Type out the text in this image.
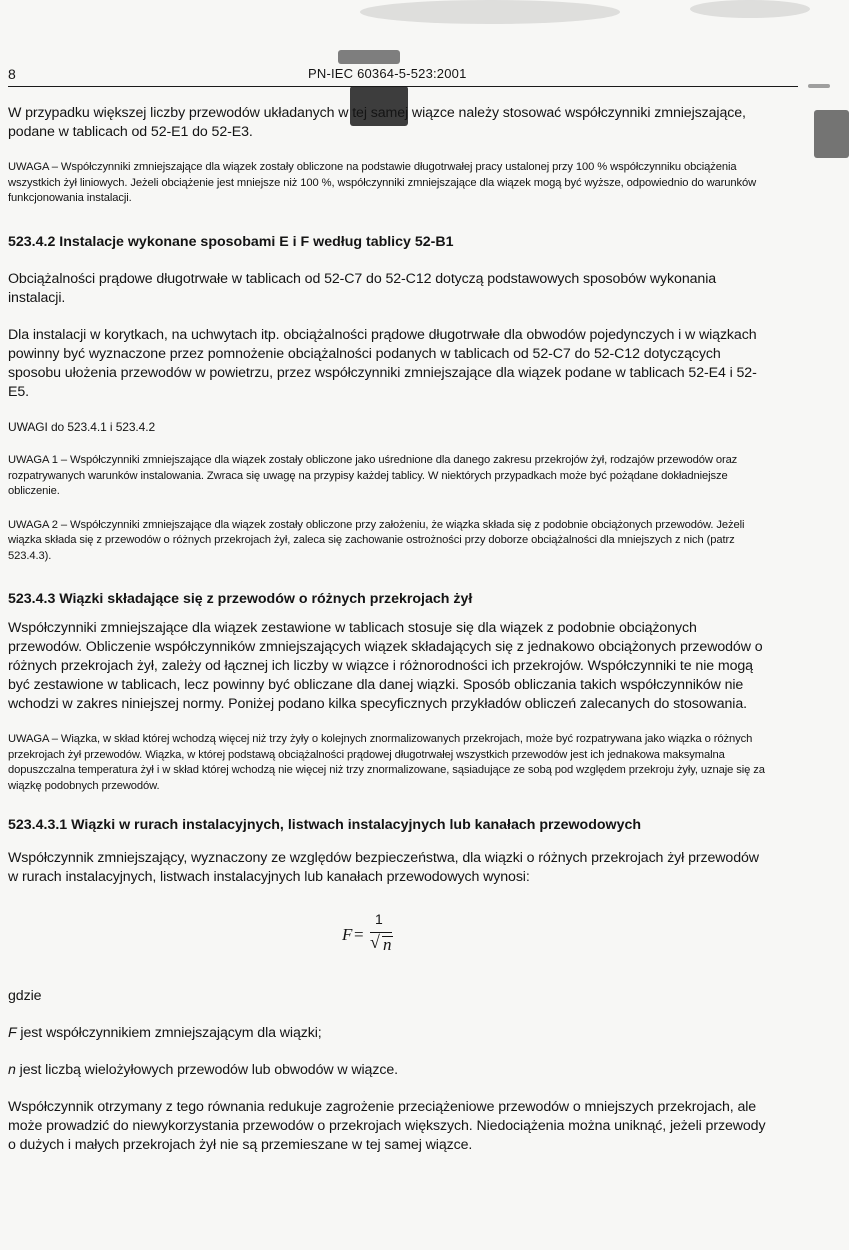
8	PN-IEC 60364-5-523:2001

W przypadku większej liczby przewodów układanych w tej samej wiązce należy stosować współczynniki zmniejszające, podane w tablicach od 52-E1 do 52-E3.

UWAGA – Współczynniki zmniejszające dla wiązek zostały obliczone na podstawie długotrwałej pracy ustalonej przy 100 % współczynniku obciążenia wszystkich żył liniowych. Jeżeli obciążenie jest mniejsze niż 100 %, współczynniki zmniejszające dla wiązek mogą być wyższe, odpowiednio do warunków funkcjonowania instalacji.

523.4.2 Instalacje wykonane sposobami E i F według tablicy 52-B1

Obciążalności prądowe długotrwałe w tablicach od 52-C7 do 52-C12 dotyczą podstawowych sposobów wykonania instalacji.

Dla instalacji w korytkach, na uchwytach itp. obciążalności prądowe długotrwałe dla obwodów pojedynczych i w wiązkach powinny być wyznaczone przez pomnożenie obciążalności podanych w tablicach od 52-C7 do 52-C12 dotyczących sposobu ułożenia przewodów w powietrzu, przez współczynniki zmniejszające dla wiązek podane w tablicach 52-E4 i 52-E5.

UWAGI do 523.4.1 i 523.4.2

UWAGA 1 – Współczynniki zmniejszające dla wiązek zostały obliczone jako uśrednione dla danego zakresu przekrojów żył, rodzajów przewodów oraz rozpatrywanych warunków instalowania. Zwraca się uwagę na przypisy każdej tablicy. W niektórych przypadkach może być pożądane dokładniejsze obliczenie.

UWAGA 2 – Współczynniki zmniejszające dla wiązek zostały obliczone przy założeniu, że wiązka składa się z podobnie obciążonych przewodów. Jeżeli wiązka składa się z przewodów o różnych przekrojach żył, zaleca się zachowanie ostrożności przy doborze obciążalności dla mniejszych z nich (patrz 523.4.3).

523.4.3 Wiązki składające się z przewodów o różnych przekrojach żył

Współczynniki zmniejszające dla wiązek zestawione w tablicach stosuje się dla wiązek z podobnie obciążonych przewodów. Obliczenie współczynników zmniejszających wiązek składających się z jednakowo obciążonych przewodów o różnych przekrojach żył, zależy od łącznej ich liczby w wiązce i różnorodności ich przekrojów. Współczynniki te nie mogą być zestawione w tablicach, lecz powinny być obliczane dla danej wiązki. Sposób obliczania takich współczynników nie wchodzi w zakres niniejszej normy. Poniżej podano kilka specyficznych przykładów obliczeń zalecanych do stosowania.

UWAGA – Wiązka, w skład której wchodzą więcej niż trzy żyły o kolejnych znormalizowanych przekrojach, może być rozpatrywana jako wiązka o różnych przekrojach żył przewodów. Wiązka, w której podstawą obciążalności prądowej długotrwałej wszystkich przewodów jest ich jednakowa maksymalna dopuszczalna temperatura żył i w skład której wchodzą nie więcej niż trzy znormalizowane, sąsiadujące ze sobą pod względem przekroju żyły, uznaje się za wiązkę podobnych przewodów.

523.4.3.1 Wiązki w rurach instalacyjnych, listwach instalacyjnych lub kanałach przewodowych

Współczynnik zmniejszający, wyznaczony ze względów bezpieczeństwa, dla wiązki o różnych przekrojach żył przewodów w rurach instalacyjnych, listwach instalacyjnych lub kanałach przewodowych wynosi:

F =
1
√ n

gdzie

F jest współczynnikiem zmniejszającym dla wiązki;

n jest liczbą wielożyłowych przewodów lub obwodów w wiązce.

Współczynnik otrzymany z tego równania redukuje zagrożenie przeciążeniowe przewodów o mniejszych przekrojach, ale może prowadzić do niewykorzystania przewodów o przekrojach większych. Niedociążenia można uniknąć, jeżeli przewody o dużych i małych przekrojach żył nie są przemieszane w tej samej wiązce.
